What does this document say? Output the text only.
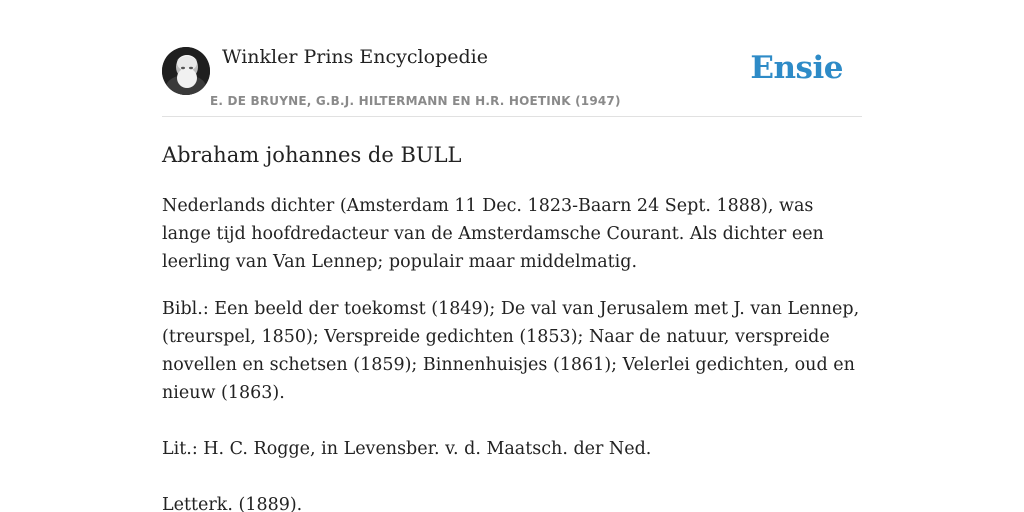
Winkler Prins Encyclopedie
E. DE BRUYNE, G.B.J. HILTERMANN EN H.R. HOETINK (1947)
Ensie
Abraham johannes de BULL

Nederlands dichter (Amsterdam 11 Dec. 1823-Baarn 24 Sept. 1888), was lange tijd hoofdredacteur van de Amsterdamsche Courant. Als dichter een leerling van Van Lennep; populair maar middelmatig.

Bibl.: Een beeld der toekomst (1849); De val van Jerusalem met J. van Lennep, (treurspel, 1850); Verspreide gedichten (1853); Naar de natuur, verspreide novellen en schetsen (1859); Binnenhuisjes (1861); Velerlei gedichten, oud en nieuw (1863).

Lit.: H. C. Rogge, in Levensber. v. d. Maatsch. der Ned.

Letterk. (1889).
